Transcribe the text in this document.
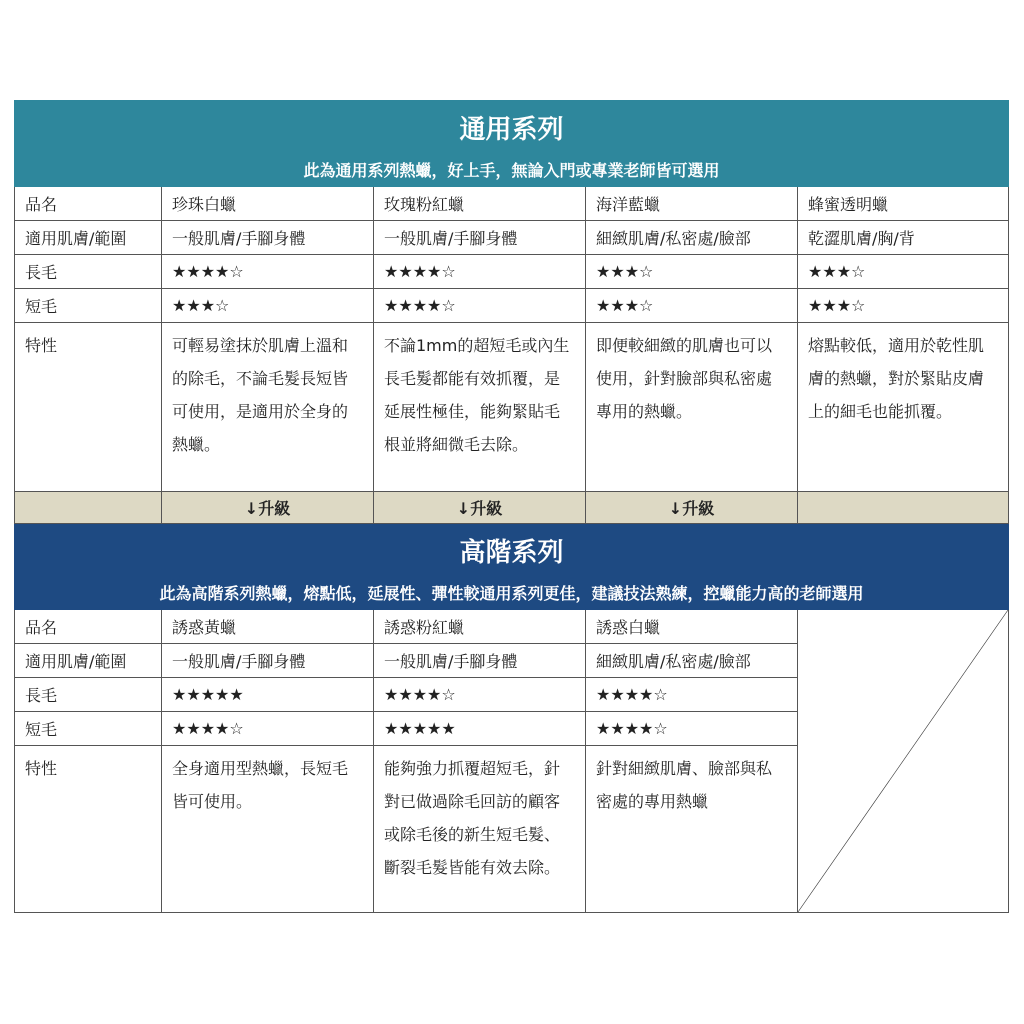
通用系列				
此為通用系列熱蠟，好上手，無論入門或專業老師皆可選用				
品名	珍珠白蠟	玫瑰粉紅蠟	海洋藍蠟	蜂蜜透明蠟
適用肌膚/範圍	一般肌膚/手腳身體	一般肌膚/手腳身體	細緻肌膚/私密處/臉部	乾澀肌膚/胸/背
長毛	★★★★☆	★★★★☆	★★★☆	★★★☆
短毛	★★★☆	★★★★☆	★★★☆	★★★☆
特性	可輕易塗抹於肌膚上溫和的除毛，不論毛髮長短皆可使用，是適用於全身的熱蠟。	不論1mm的超短毛或內生長毛髮都能有效抓覆，是延展性極佳，能夠緊貼毛根並將細微毛去除。	即便較細緻的肌膚也可以使用，針對臉部與私密處專用的熱蠟。	熔點較低，適用於乾性肌膚的熱蠟，對於緊貼皮膚上的細毛也能抓覆。
	↓升級	↓升級	↓升級	
高階系列				
此為高階系列熱蠟，熔點低，延展性、彈性較通用系列更佳，建議技法熟練，控蠟能力高的老師選用				
品名	誘惑黃蠟	誘惑粉紅蠟	誘惑白蠟	

適用肌膚/範圍	一般肌膚/手腳身體	一般肌膚/手腳身體	細緻肌膚/私密處/臉部	
長毛	★★★★★	★★★★☆	★★★★☆	
短毛	★★★★☆	★★★★★	★★★★☆	
特性	全身適用型熱蠟，長短毛皆可使用。	能夠強力抓覆超短毛，針對已做過除毛回訪的顧客或除毛後的新生短毛髮、斷裂毛髮皆能有效去除。	針對細緻肌膚、臉部與私密處的專用熱蠟	
